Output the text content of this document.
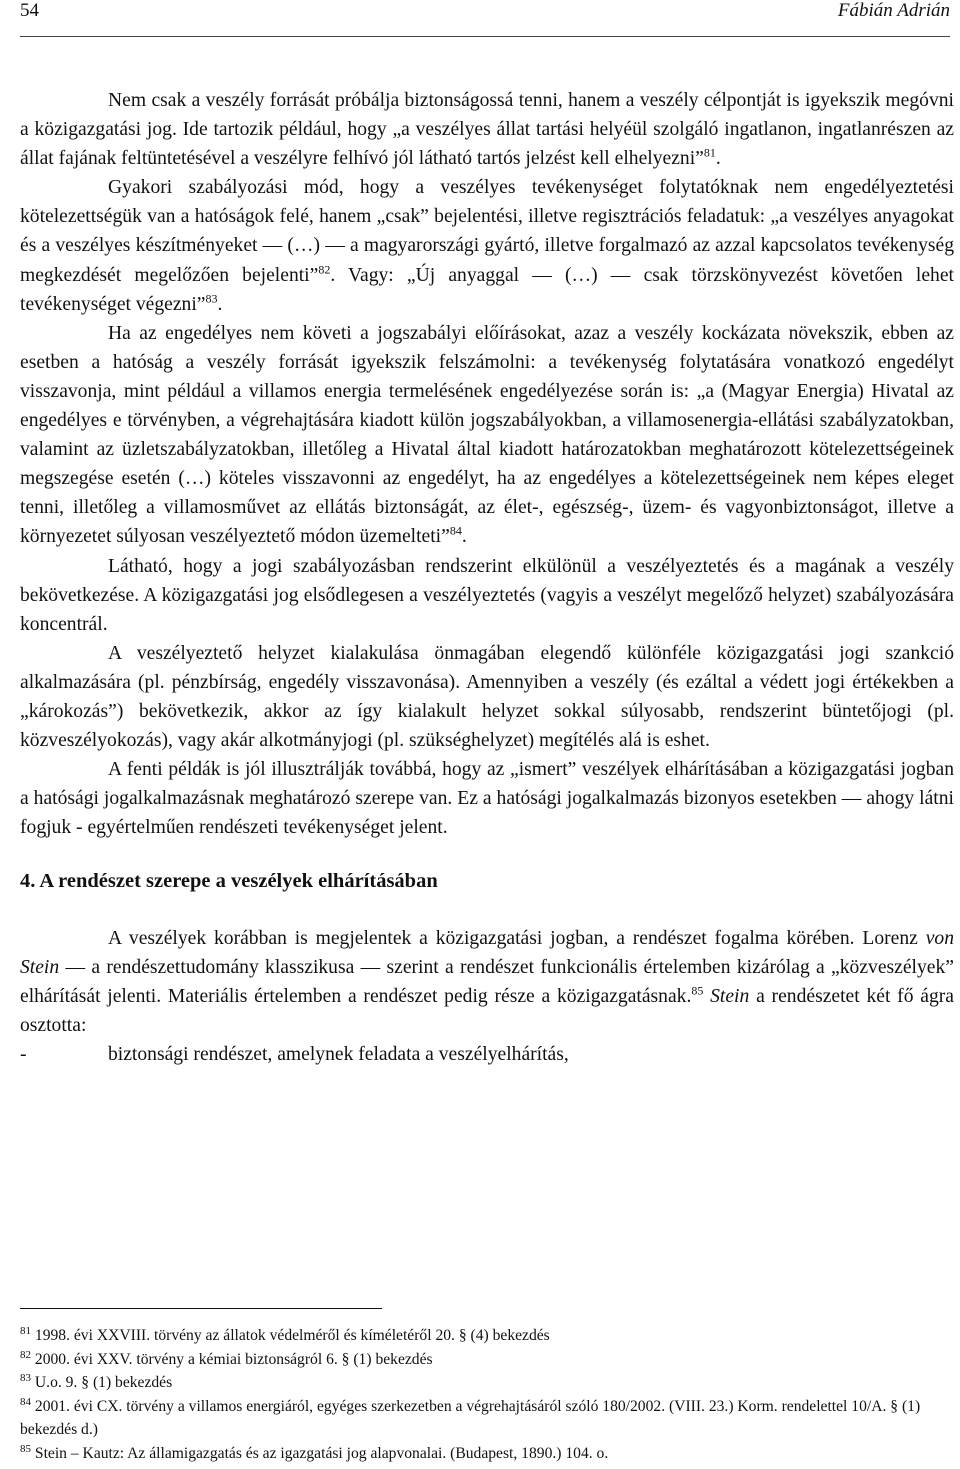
54	Fábián Adrián

Nem csak a veszély forrását próbálja biztonságossá tenni, hanem a veszély célpontját is igyekszik megóvni a közigazgatási jog. Ide tartozik például, hogy „a veszélyes állat tartási helyéül szolgáló ingatlanon, ingatlanrészen az állat fajának feltüntetésével a veszélyre felhívó jól látható tartós jelzést kell elhelyezni”$^{81}$.

Gyakori szabályozási mód, hogy a veszélyes tevékenységet folytatóknak nem engedélyeztetési kötelezettségük van a hatóságok felé, hanem „csak” bejelentési, illetve regisztrációs feladatuk: „a veszélyes anyagokat és a veszélyes készítményeket — (…) — a magyarországi gyártó, illetve forgalmazó az azzal kapcsolatos tevékenység megkezdését megelőzően bejelenti”$^{82}$. Vagy: „Új anyaggal — (…) — csak törzskönyvezést követően lehet tevékenységet végezni”$^{83}$.

Ha az engedélyes nem követi a jogszabályi előírásokat, azaz a veszély kockázata növekszik, ebben az esetben a hatóság a veszély forrását igyekszik felszámolni: a tevékenység folytatására vonatkozó engedélyt visszavonja, mint például a villamos energia termelésének engedélyezése során is: „a (Magyar Energia) Hivatal az engedélyes e törvényben, a végrehajtására kiadott külön jogszabályokban, a villamosenergia-ellátási szabályzatokban, valamint az üzletszabályzatokban, illetőleg a Hivatal által kiadott határozatokban meghatározott kötelezettségeinek megszegése esetén (…) köteles visszavonni az engedélyt, ha az engedélyes a kötelezettségeinek nem képes eleget tenni, illetőleg a villamosművet az ellátás biztonságát, az élet-, egészség-, üzem- és vagyonbiztonságot, illetve a környezetet súlyosan veszélyeztető módon üzemelteti”$^{84}$.

Látható, hogy a jogi szabályozásban rendszerint elkülönül a veszélyeztetés és a magának a veszély bekövetkezése. A közigazgatási jog elsődlegesen a veszélyeztetés (vagyis a veszélyt megelőző helyzet) szabályozására koncentrál.

A veszélyeztető helyzet kialakulása önmagában elegendő különféle közigazgatási jogi szankció alkalmazására (pl. pénzbírság, engedély visszavonása). Amennyiben a veszély (és ezáltal a védett jogi értékekben a „károkozás”) bekövetkezik, akkor az így kialakult helyzet sokkal súlyosabb, rendszerint büntetőjogi (pl. közveszélyokozás), vagy akár alkotmányjogi (pl. szükséghelyzet) megítélés alá is eshet.

A fenti példák is jól illusztrálják továbbá, hogy az „ismert” veszélyek elhárításában a közigazgatási jogban a hatósági jogalkalmazásnak meghatározó szerepe van. Ez a hatósági jogalkalmazás bizonyos esetekben — ahogy látni fogjuk - egyértelműen rendészeti tevékenységet jelent.

4. A rendészet szerepe a veszélyek elhárításában

A veszélyek korábban is megjelentek a közigazgatási jogban, a rendészet fogalma körében. Lorenz von Stein — a rendészettudomány klasszikusa — szerint a rendészet funkcionális értelemben kizárólag a „közveszélyek” elhárítását jelenti. Materiális értelemben a rendészet pedig része a közigazgatásnak.$^{85}$ Stein a rendészetet két fő ágra osztotta:

-	biztonsági rendészet, amelynek feladata a veszélyelhárítás,

$^{81}$ 1998. évi XXVIII. törvény az állatok védelméről és kíméletéről 20. § (4) bekezdés

$^{82}$ 2000. évi XXV. törvény a kémiai biztonságról 6. § (1) bekezdés

$^{83}$ U.o. 9. § (1) bekezdés

$^{84}$ 2001. évi CX. törvény a villamos energiáról, egyéges szerkezetben a végrehajtásáról szóló 180/2002. (VIII. 23.) Korm. rendelettel 10/A. § (1) bekezdés d.)

$^{85}$ Stein – Kautz: Az államigazgatás és az igazgatási jog alapvonalai. (Budapest, 1890.) 104. o.
